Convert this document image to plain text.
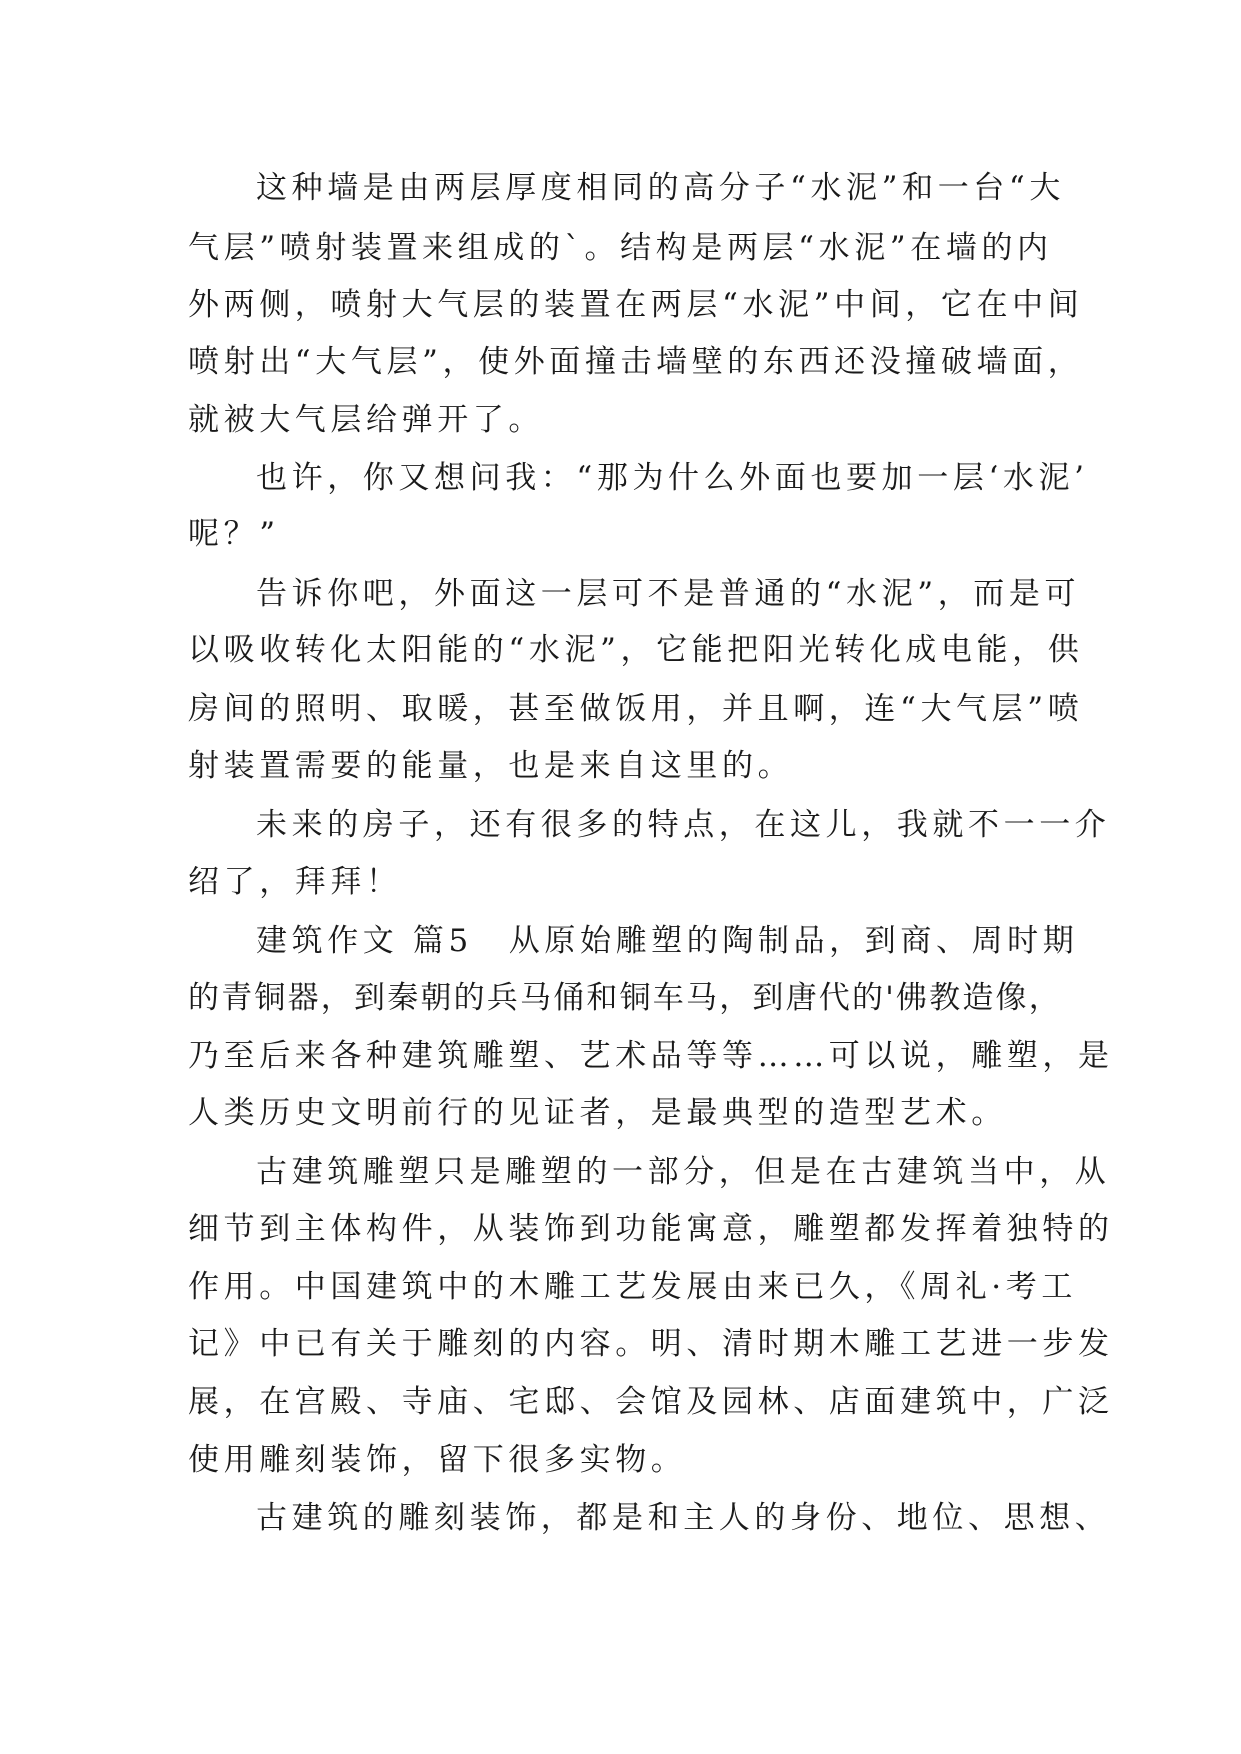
这种墙是由两层厚度相同的高分子“水泥”和一台“大
气层”喷射装置来组成的`。结构是两层“水泥”在墙的内
外两侧，喷射大气层的装置在两层“水泥”中间，它在中间
喷射出“大气层”，使外面撞击墙壁的东西还没撞破墙面，
就被大气层给弹开了。
也许，你又想问我：“那为什么外面也要加一层‘水泥’
呢？”
告诉你吧，外面这一层可不是普通的“水泥”，而是可
以吸收转化太阳能的“水泥”，它能把阳光转化成电能，供
房间的照明、取暖，甚至做饭用，并且啊，连“大气层”喷
射装置需要的能量，也是来自这里的。
未来的房子，还有很多的特点，在这儿，我就不一一介
绍了，拜拜！
建筑作文 篇5 从原始雕塑的陶制品，到商、周时期
的青铜器，到秦朝的兵马俑和铜车马，到唐代的'佛教造像，
乃至后来各种建筑雕塑、艺术品等等……可以说，雕塑，是
人类历史文明前行的见证者，是最典型的造型艺术。
古建筑雕塑只是雕塑的一部分，但是在古建筑当中，从
细节到主体构件，从装饰到功能寓意，雕塑都发挥着独特的
作用。中国建筑中的木雕工艺发展由来已久，《周礼·考工
记》中已有关于雕刻的内容。明、清时期木雕工艺进一步发
展，在宫殿、寺庙、宅邸、会馆及园林、店面建筑中，广泛
使用雕刻装饰，留下很多实物。
古建筑的雕刻装饰，都是和主人的身份、地位、思想、
